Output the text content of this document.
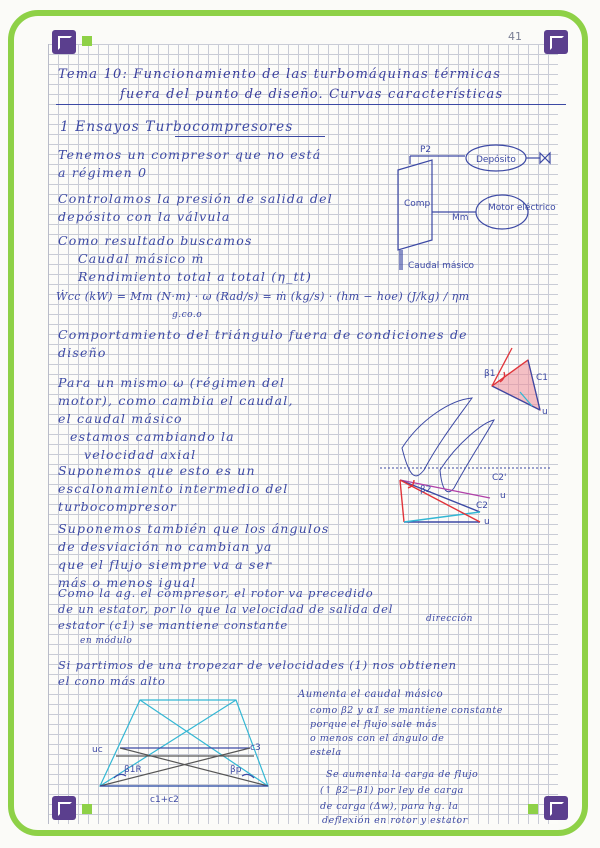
41
Tema 10: Funcionamiento de las turbomáquinas térmicas
fuera del punto de diseño. Curvas características
1 Ensayos Turbocompresores
Tenemos un compresor que no está
a régimen 0
Controlamos la presión de salida del
depósito con la válvula
Como resultado buscamos
Caudal másico ṁ
Rendimiento total a total (η_tt)
Ẇcc (kW) = Mm (N·m) · ω (Rad/s) = ṁ (kg/s) · (hm − hoe) (J/kg) / ηm
g.co.o
Comportamiento del triángulo fuera de condiciones de
diseño
Para un mismo ω (régimen del
motor), como cambia el caudal,
el caudal másico
estamos cambiando la
velocidad axial
Suponemos que esto es un
escalonamiento intermedio del
turbocompresor
Suponemos también que los ángulos
de desviación no cambian ya
que el flujo siempre va a ser
más o menos igual
Como la ag. el compresor, el rotor va precedido
de un estator, por lo que la velocidad de salida del
estator (c1) se mantiene constante	dirección
en módulo
Si partimos de una tropezar de velocidades (1) nos obtienen
el cono más alto
Aumenta el caudal másico
como β2 y α1 se mantiene constante
porque el flujo sale más
o menos con el ángulo de
estela
Se aumenta la carga de flujo
(↑ β2−β1) por ley de carga
de carga (Δw), para hg. la
deflexión en rotor y estator
P2
Depósito
Comp
Mm
Motor eléctrico
Caudal másico
C1
u
β1
C2'
u
C2
u
β2
uc	c3
β1R	βp
c1+c2
